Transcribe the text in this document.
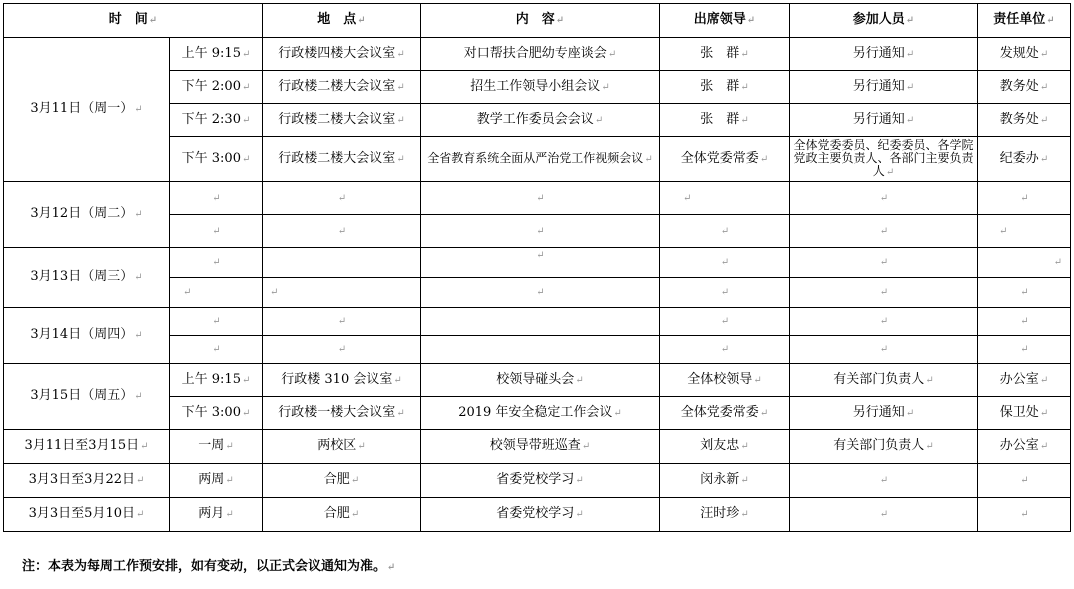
时　间↵		地　点↵	内　容↵	出席领导↵	参加人员↵	责任单位↵
3月11日（周一）↵	上午 9:15↵	行政楼四楼大会议室↵	对口帮扶合肥幼专座谈会↵	张　群↵	另行通知↵	发规处↵
	下午 2:00↵	行政楼二楼大会议室↵	招生工作领导小组会议↵	张　群↵	另行通知↵	教务处↵
	下午 2:30↵	行政楼二楼大会议室↵	教学工作委员会会议↵	张　群↵	另行通知↵	教务处↵
	下午 3:00↵	行政楼二楼大会议室↵	全省教育系统全面从严治党工作视频会议↵	全体党委常委↵	全体党委委员、纪委委员、各学院党政主要负责人、各部门主要负责人↵	纪委办↵
3月12日（周二）↵	↵	↵	↵	↵	↵	↵
	↵	↵	↵	↵	↵	↵
3月13日（周三）↵	↵		↵	↵	↵	↵
	↵	↵	↵	↵	↵	↵
3月14日（周四）↵	↵	↵		↵	↵	↵
	↵	↵		↵	↵	↵
3月15日（周五）↵	上午 9:15↵	行政楼 310 会议室↵	校领导碰头会↵	全体校领导↵	有关部门负责人↵	办公室↵
	下午 3:00↵	行政楼一楼大会议室↵	2019 年安全稳定工作会议↵	全体党委常委↵	另行通知↵	保卫处↵
3月11日至3月15日↵	一周↵	两校区↵	校领导带班巡查↵	刘友忠↵	有关部门负责人↵	办公室↵
3月3日至3月22日↵	两周↵	合肥↵	省委党校学习↵	闵永新↵	↵	↵
3月3日至5月10日↵	两月↵	合肥↵	省委党校学习↵	汪时珍↵	↵	↵
注：本表为每周工作预安排，如有变动，以正式会议通知为准。↵
